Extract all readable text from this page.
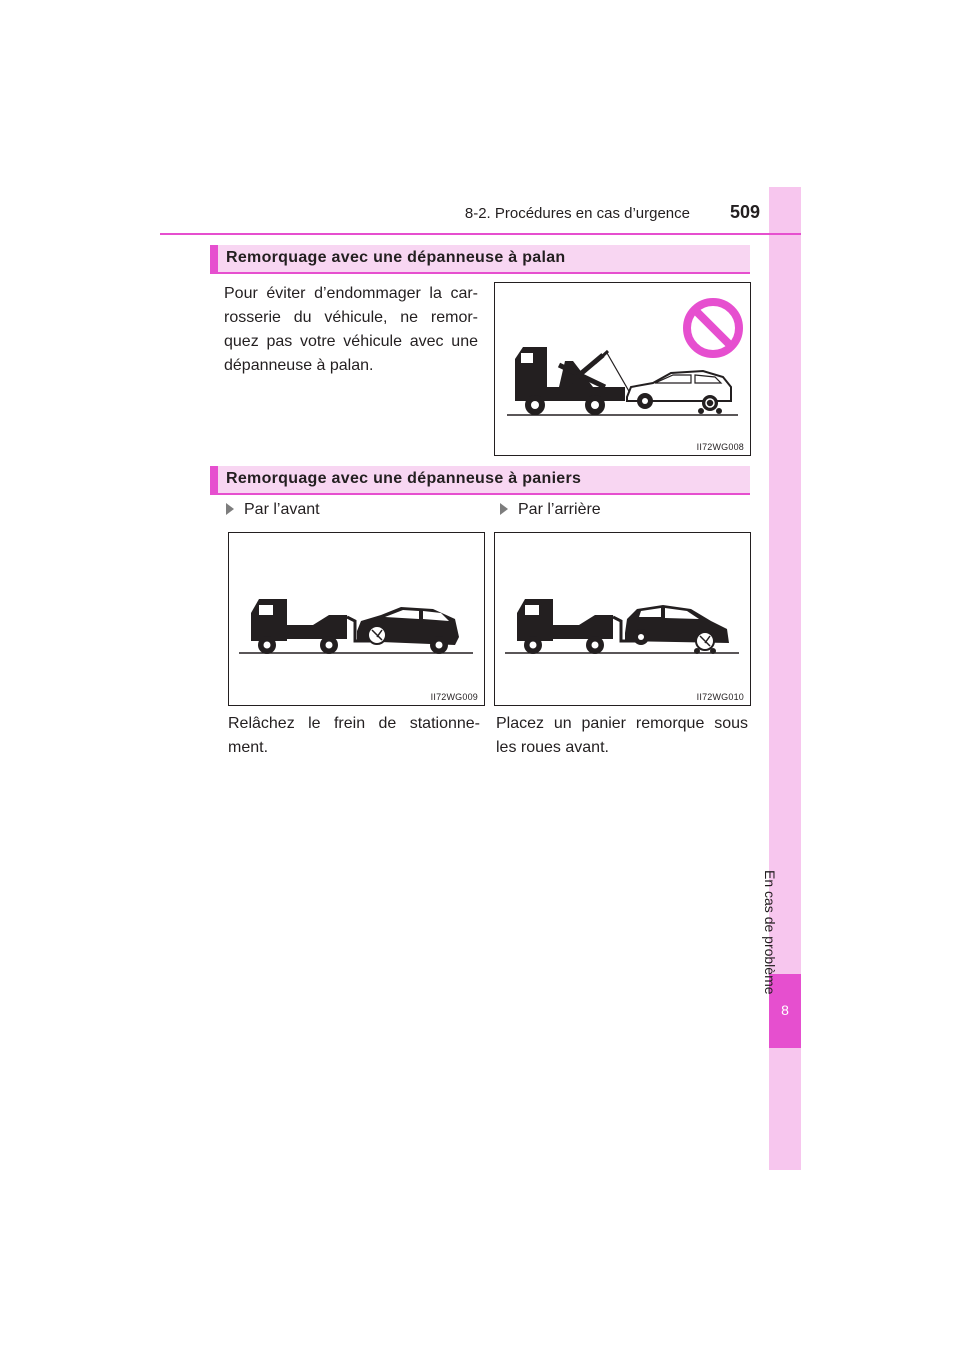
8
En cas de problème
8-2. Procédures en cas d’urgence	509
Remorquage avec une dépanneuse à palan
Pour éviter d’endommager la car-
rosserie du véhicule, ne remor-
quez pas votre véhicule avec une
dépanneuse à palan.
II72WG008
Remorquage avec une dépanneuse à paniers
Par l’avant	Par l’arrière
II72WG009	II72WG010
Relâchez le frein de stationne-
ment.
Placez un panier remorque sous
les roues avant.
